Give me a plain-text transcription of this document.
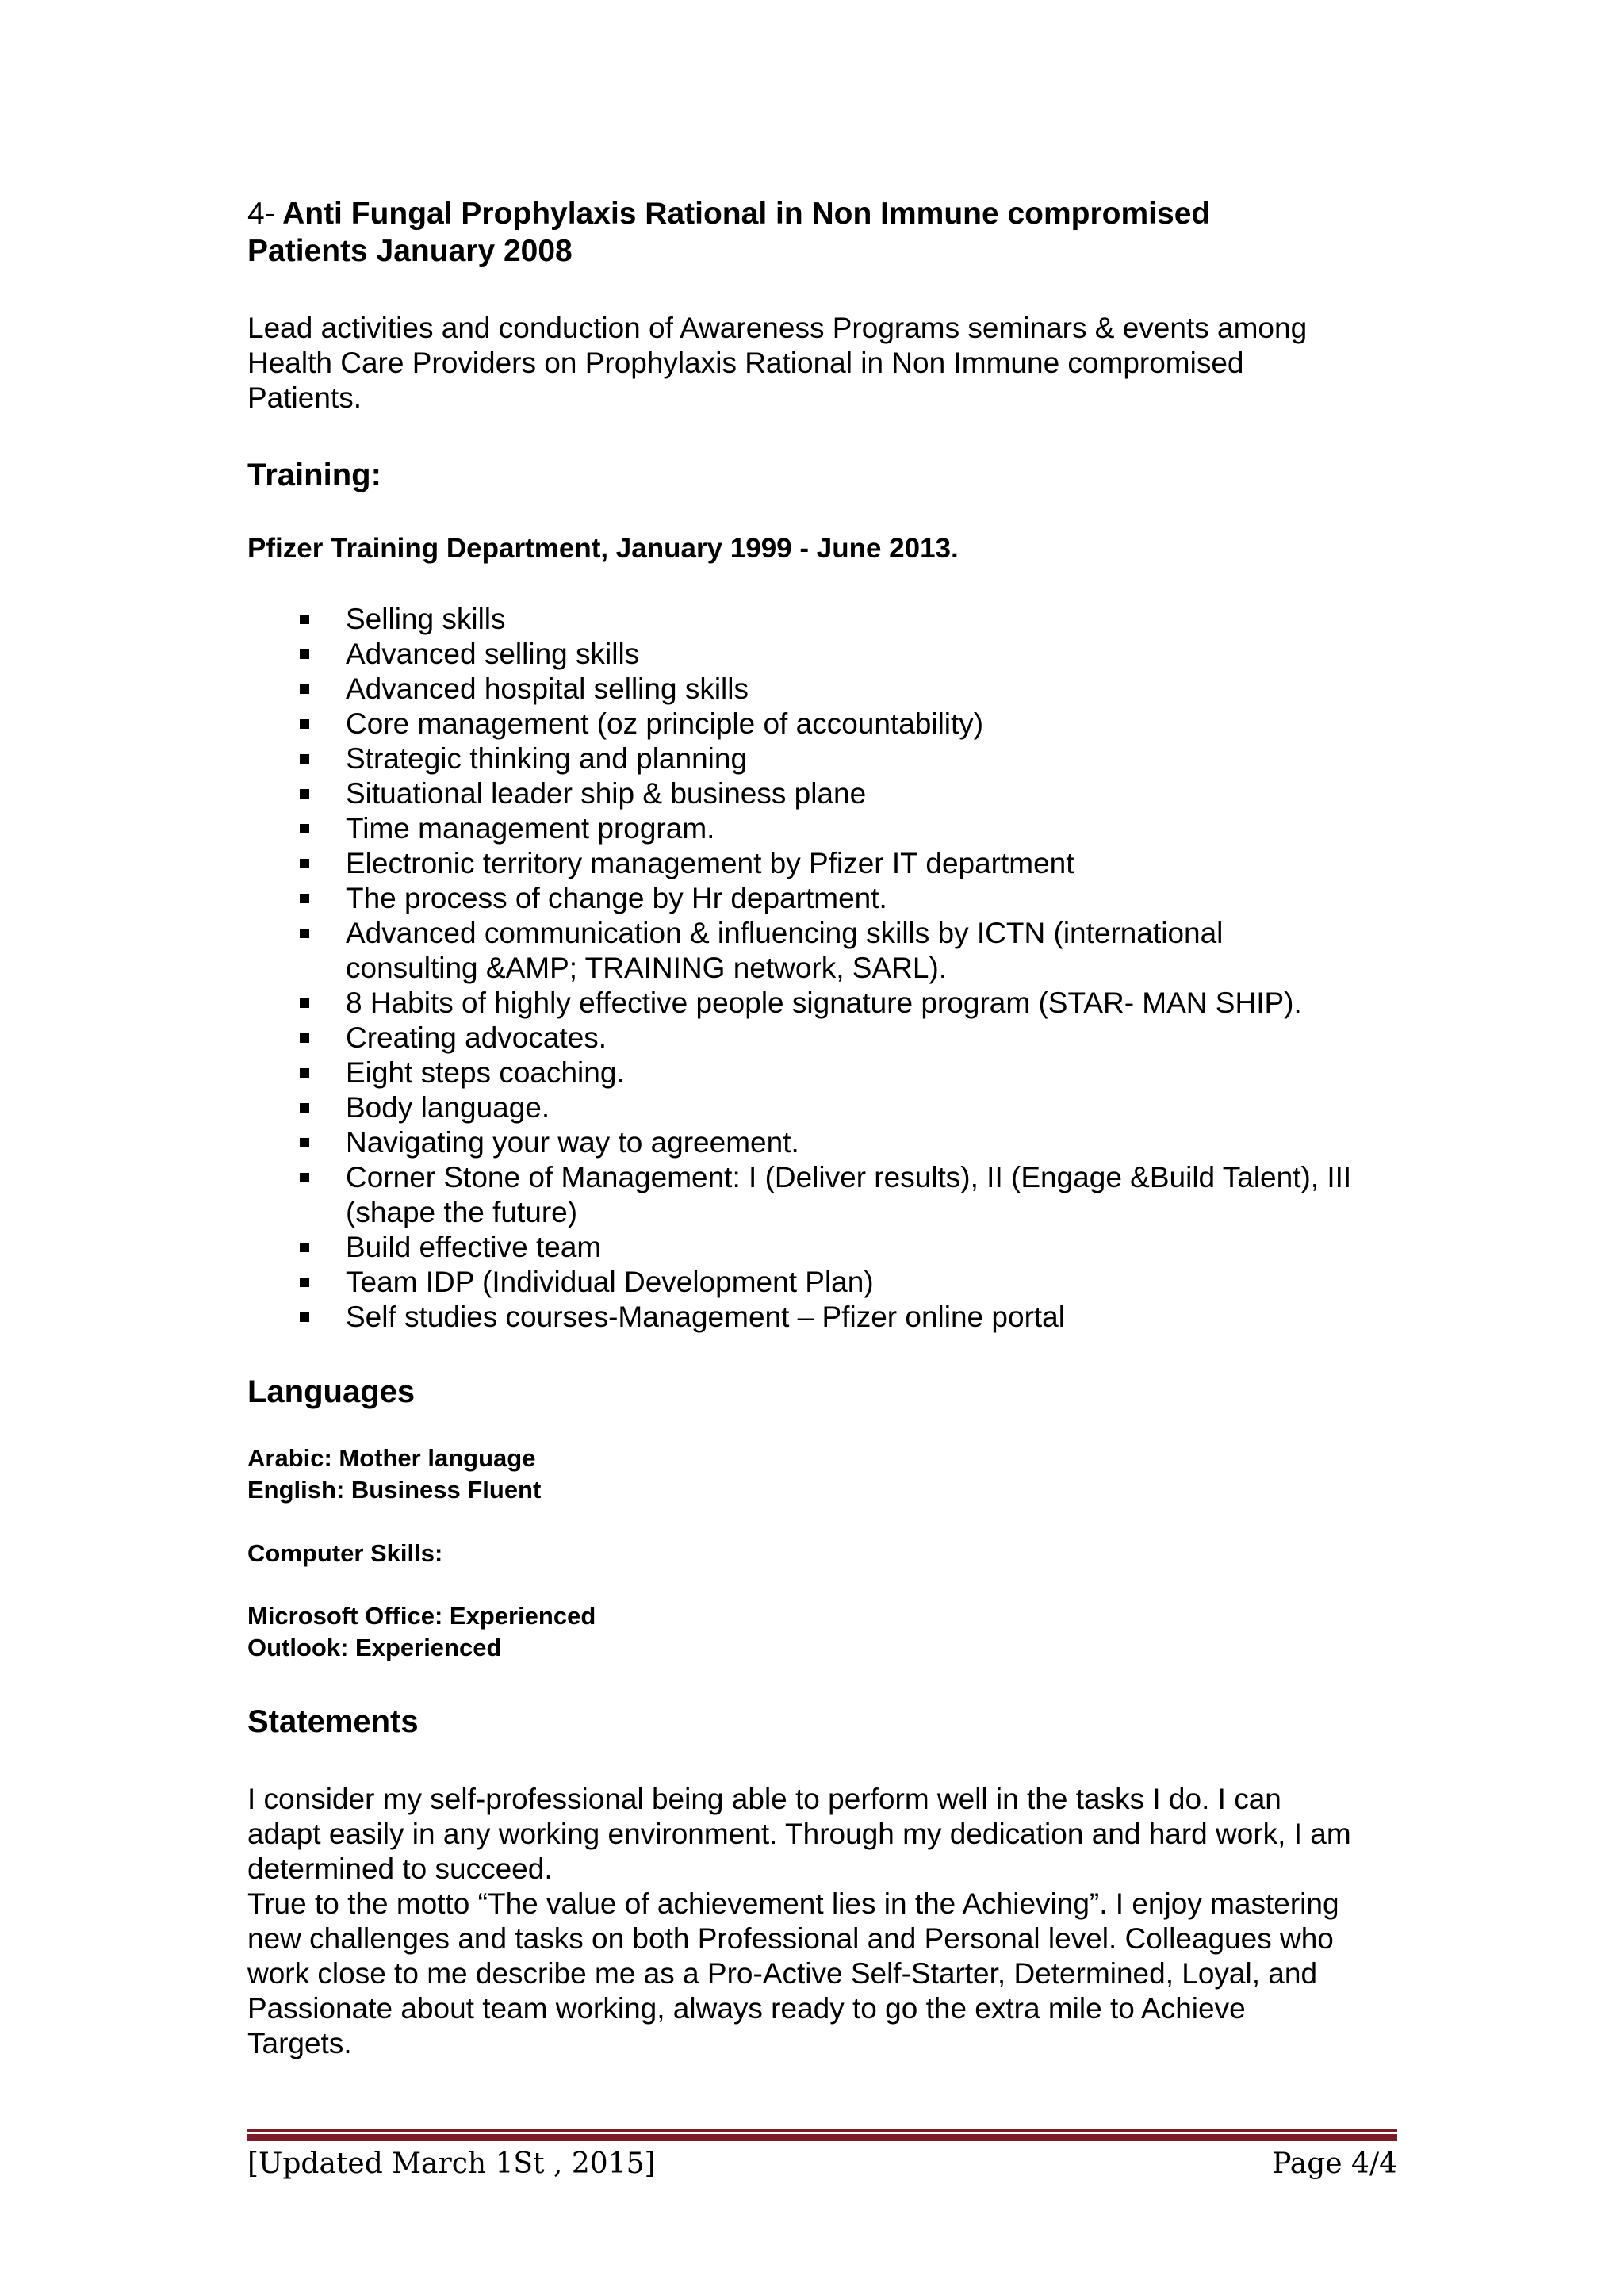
4- Anti Fungal Prophylaxis Rational in Non Immune compromised
Patients January 2008

Lead activities and conduction of Awareness Programs seminars & events among
Health Care Providers on Prophylaxis Rational in Non Immune compromised
Patients.

Training:

Pfizer Training Department, January 1999 - June 2013.

Selling skills
Advanced selling skills
Advanced hospital selling skills
Core management (oz principle of accountability)
Strategic thinking and planning
Situational leader ship & business plane
Time management program.
Electronic territory management by Pfizer IT department
The process of change by Hr department.
Advanced communication & influencing skills by ICTN (international
consulting &AMP; TRAINING network, SARL).
8 Habits of highly effective people signature program (STAR- MAN SHIP).
Creating advocates.
Eight steps coaching.
Body language.
Navigating your way to agreement.
Corner Stone of Management: I (Deliver results), II (Engage &Build Talent), III
(shape the future)
Build effective team
Team IDP (Individual Development Plan)
Self studies courses-Management – Pfizer online portal
Languages

Arabic: Mother language

English: Business Fluent

Computer Skills:

Microsoft Office: Experienced

Outlook: Experienced

Statements

I consider my self-professional being able to perform well in the tasks I do. I can
adapt easily in any working environment. Through my dedication and hard work, I am
determined to succeed.
True to the motto “The value of achievement lies in the Achieving”. I enjoy mastering
new challenges and tasks on both Professional and Personal level. Colleagues who
work close to me describe me as a Pro-Active Self-Starter, Determined, Loyal, and
Passionate about team working, always ready to go the extra mile to Achieve
Targets.

[Updated March 1St , 2015]	Page 4/4
